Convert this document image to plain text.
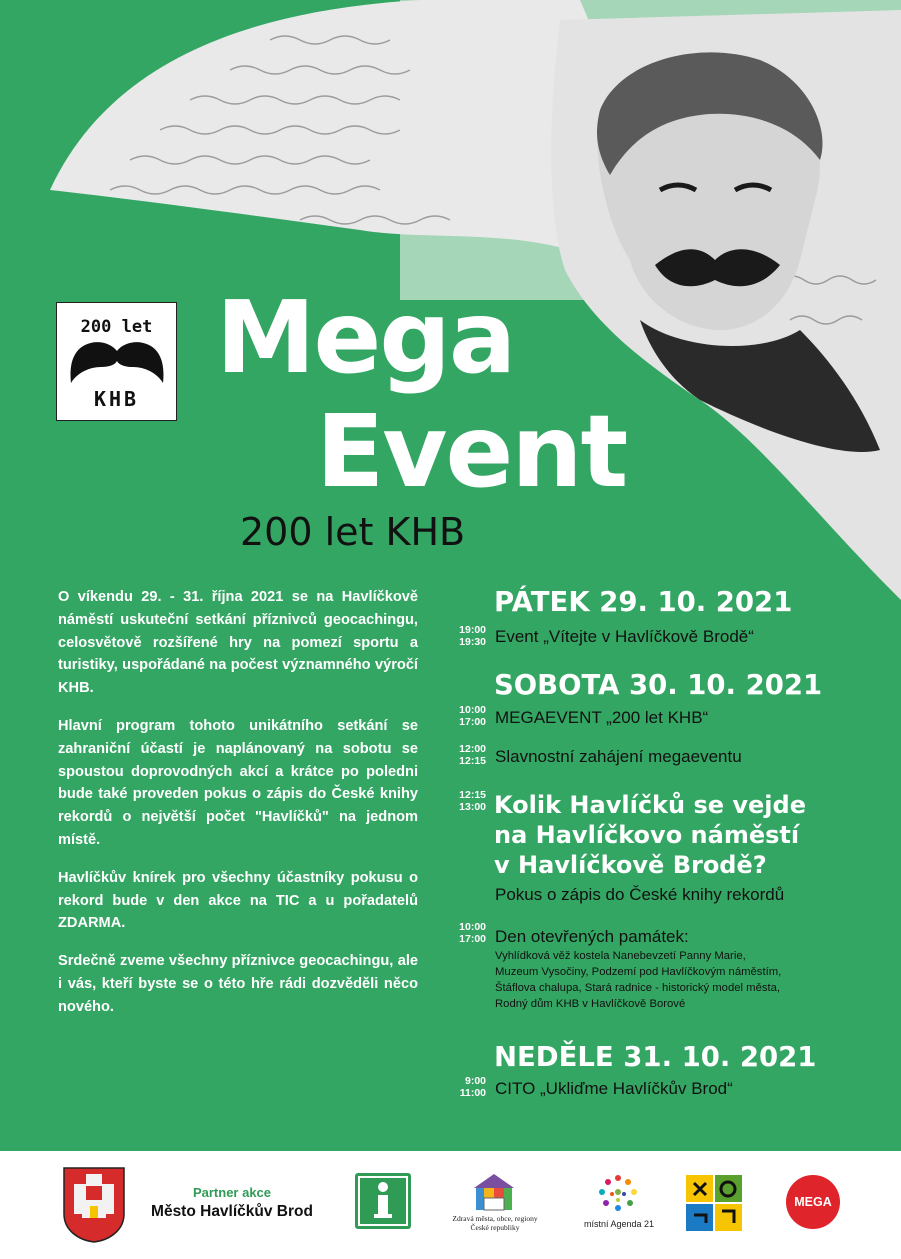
200 let
KHB
Mega
Event
200 let KHB

O víkendu 29. - 31. října 2021 se na Havlíčkově náměstí uskuteční setkání příznivců geocachingu, celosvětově rozšířené hry na pomezí sportu a turistiky, uspořádané na počest významného výročí KHB.

Hlavní program tohoto unikátního setkání se zahraniční účastí je naplánovaný na sobotu se spoustou doprovodných akcí a krátce po poledni bude také proveden pokus o zápis do České knihy rekordů o největší počet "Havlíčků" na jednom místě.

Havlíčkův knírek pro všechny účastníky pokusu o rekord bude v den akce na TIC a u pořadatelů ZDARMA.

Srdečně zveme všechny příznivce geocachingu, ale i vás, kteří byste se o této hře rádi dozvěděli něco nového.

PÁTEK 29. 10. 2021
19:00
19:30 Event „Vítejte v Havlíčkově Brodě“
SOBOTA 30. 10. 2021
10:00
17:00 MEGAEVENT „200 let KHB“
12:00
12:15 Slavnostní zahájení megaeventu
12:15
13:00 Kolik Havlíčků se vejde
na Havlíčkovo náměstí
v Havlíčkově Brodě?
Pokus o zápis do České knihy rekordů
10:00
17:00 Den otevřených památek:
Vyhlídková věž kostela Nanebevzetí Panny Marie,
Muzeum Vysočiny, Podzemí pod Havlíčkovým náměstím,
Štáflova chalupa, Stará radnice - historický model města,
Rodný dům KHB v Havlíčkově Borové
NEDĚLE 31. 10. 2021
9:00
11:00 CITO „Ukliďme Havlíčkův Brod“
Partner akce
Město Havlíčkův Brod	Zdravá města, obce, regiony
České republiky	místní Agenda 21
MEGA
